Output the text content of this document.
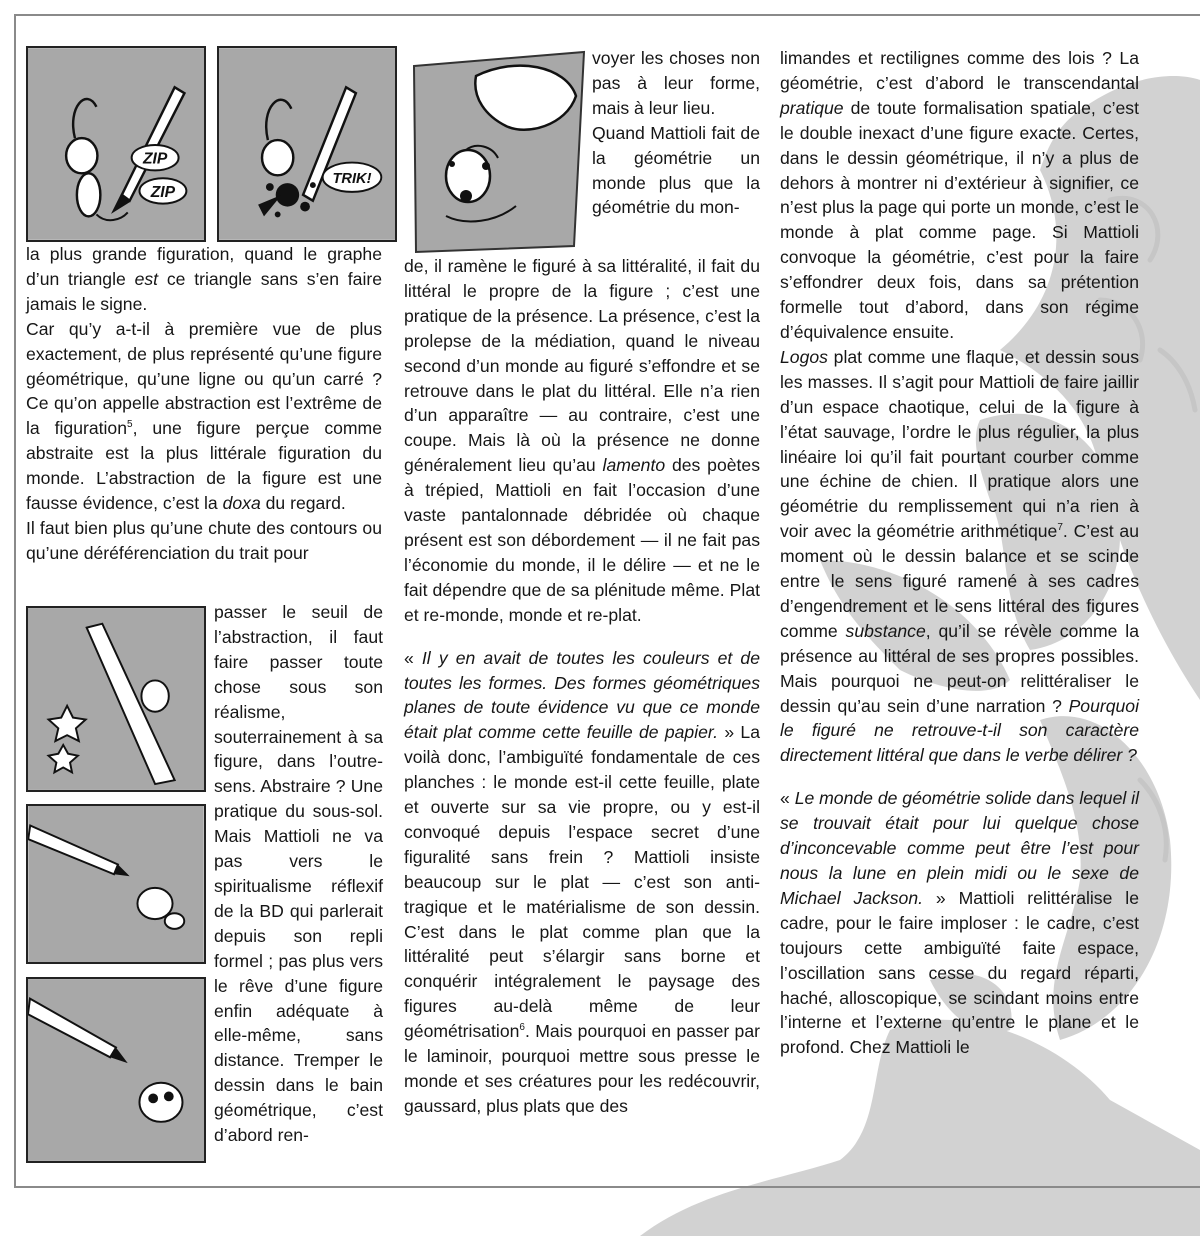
ZIP
ZIP
TRIK!

la plus grande figuration, quand le graphe d’un triangle est ce triangle sans s’en faire jamais le signe.

Car qu’y a-t-il à première vue de plus exactement, de plus représenté qu’une figure géométrique, qu’une ligne ou qu’un carré ? Ce qu’on appelle abstraction est l’extrême de la figuration$^5$, une figure perçue comme abstraite est la plus littérale figuration du monde. L’abstraction de la figure est une fausse évidence, c’est la doxa du regard.

Il faut bien plus qu’une chute des contours ou qu’une déréférenciation du trait pour

passer le seuil de l’abstraction, il faut faire passer toute chose sous son réalisme, souterrainement à sa figure, dans l’outre-sens. Abstraire ? Une pratique du sous-sol. Mais Mattioli ne va pas vers le spiritualisme réflexif de la BD qui parlerait depuis son repli formel ; pas plus vers le rêve d’une figure enfin adéquate à elle-même, sans distance. Tremper le dessin dans le bain géométrique, c’est d’abord ren-

voyer les choses non pas à leur forme, mais à leur lieu.

Quand Mattioli fait de la géométrie un monde plus que la géométrie du mon-

de, il ramène le figuré à sa littéralité, il fait du littéral le propre de la figure ; c’est une pratique de la présence. La présence, c’est la prolepse de la médiation, quand le niveau second d’un monde au figuré s’effondre et se retrouve dans le plat du littéral. Elle n’a rien d’un apparaître — au contraire, c’est une coupe. Mais là où la présence ne donne généralement lieu qu’au lamento des poètes à trépied, Mattioli en fait l’occasion d’une vaste pantalonnade débridée où chaque présent est son débordement — il ne fait pas l’économie du monde, il le délire — et ne le fait dépendre que de sa plénitude même. Plat et re-monde, monde et re-plat.

« Il y en avait de toutes les couleurs et de toutes les formes. Des formes géométriques planes de toute évidence vu que ce monde était plat comme cette feuille de papier. » La voilà donc, l’ambiguïté fondamentale de ces planches : le monde est-il cette feuille, plate et ouverte sur sa vie propre, ou y est-il convoqué depuis l’espace secret d’une figuralité sans frein ? Mattioli insiste beaucoup sur le plat — c’est son anti-tragique et le matérialisme de son dessin. C’est dans le plat comme plan que la littéralité peut s’élargir sans borne et conquérir intégralement le paysage des figures au-delà même de leur géométrisation$^6$. Mais pourquoi en passer par le laminoir, pourquoi mettre sous presse le monde et ses créatures pour les redécouvrir, gaussard, plus plats que des

limandes et rectilignes comme des lois ? La géométrie, c’est d’abord le transcendantal pratique de toute formalisation spatiale, c’est le double inexact d’une figure exacte. Certes, dans le dessin géométrique, il n’y a plus de dehors à montrer ni d’extérieur à signifier, ce n’est plus la page qui porte un monde, c’est le monde à plat comme page. Si Mattioli convoque la géométrie, c’est pour la faire s’effondrer deux fois, dans sa prétention formelle tout d’abord, dans son régime d’équivalence ensuite.

Logos plat comme une flaque, et dessin sous les masses. Il s’agit pour Mattioli de faire jaillir d’un espace chaotique, celui de la figure à l’état sauvage, l’ordre le plus régulier, la plus linéaire loi qu’il fait pourtant courber comme une échine de chien. Il pratique alors une géométrie du remplissement qui n’a rien à voir avec la géométrie arithmétique$^7$. C’est au moment où le dessin balance et se scinde entre le sens figuré ramené à ses cadres d’engendrement et le sens littéral des figures comme substance, qu’il se révèle comme la présence au littéral de ses propres possibles. Mais pourquoi ne peut-on relittéraliser le dessin qu’au sein d’une narration ? Pourquoi le figuré ne retrouve-t-il son caractère directement littéral que dans le verbe délirer ?

« Le monde de géométrie solide dans lequel il se trouvait était pour lui quelque chose d’inconcevable comme peut être l’est pour nous la lune en plein midi ou le sexe de Michael Jackson. » Mattioli relittéralise le cadre, pour le faire imploser : le cadre, c’est toujours cette ambiguïté faite espace, l’oscillation sans cesse du regard réparti, haché, alloscopique, se scindant moins entre l’interne et l’externe qu’entre le plane et le profond. Chez Mattioli le
